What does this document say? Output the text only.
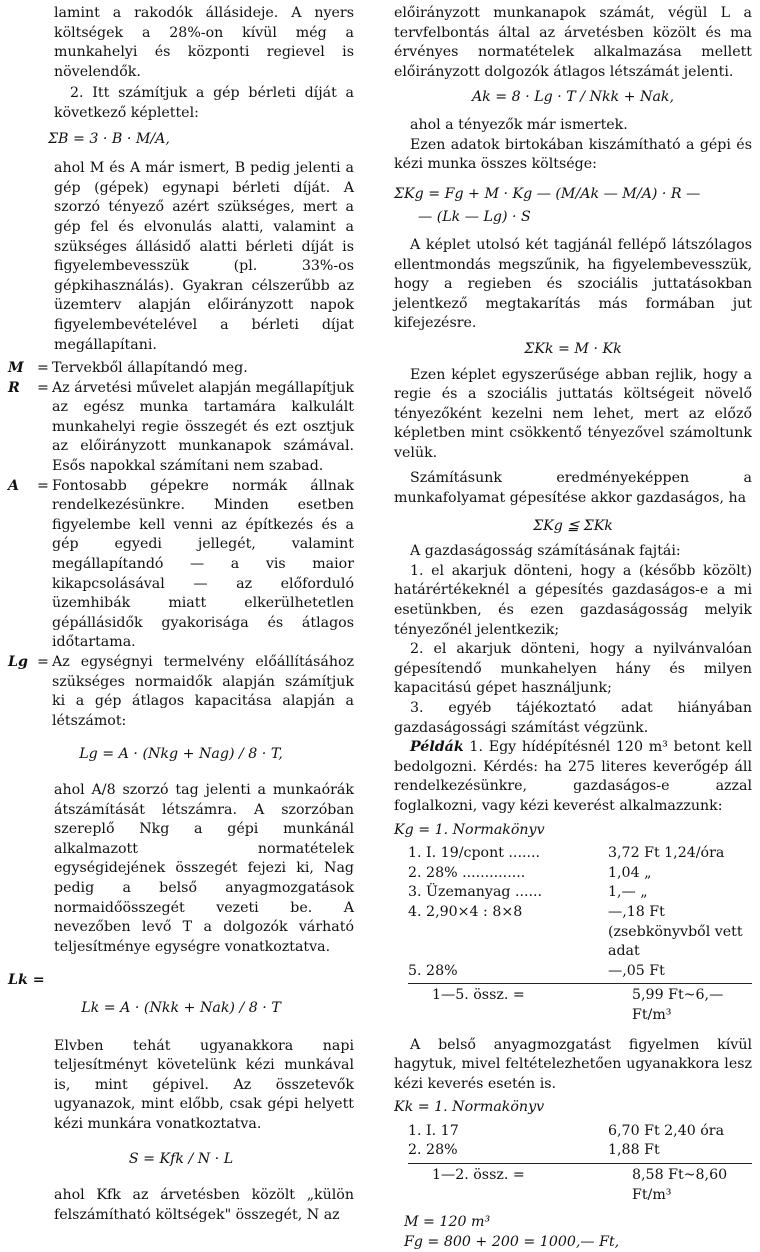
lamint a rakodók állásideje. A nyers költségek a 28%-on kívül még a munkahelyi és központi regievel is növelendők.

2. Itt számítjuk a gép bérleti díját a következő képlettel:

ΣB = 3 · B · M/A,

ahol M és A már ismert, B pedig jelenti a gép (gépek) egynapi bérleti díját. A szorzó tényező azért szükséges, mert a gép fel és elvonulás alatti, valamint a szükséges állásidő alatti bérleti díját is figyelembevesszük (pl. 33%-os gépkihasználás). Gyakran célszerűbb az üzemterv alapján előirányzott napok figyelembevételével a bérleti díjat megállapítani.

M = Tervekből állapítandó meg.
R	= Az árvetési művelet alapján megállapítjuk az egész munka tartamára kalkulált munkahelyi regie összegét és ezt osztjuk az előirányzott munkanapok számával. Esős napokkal számítani nem szabad.
A	= Fontosabb gépekre normák állnak rendelkezésünkre. Minden esetben figyelembe kell venni az építkezés és a gép egyedi jellegét, valamint megállapítandó — a vis maior kikapcsolásával — az előforduló üzemhibák miatt elkerülhetetlen gépállásidők gyakorisága és átlagos időtartama.
Lg = Az egységnyi termelvény előállításához szükséges normaidők alapján számítjuk ki a gép átlagos kapacitása alapján a létszámot:

Lg = A · (Nkg + Nag) / 8 · T,

ahol A/8 szorzó tag jelenti a munkaórák átszámítását létszámra. A szorzóban szereplő Nkg a gépi munkánál alkalmazott normatételek egységidejének összegét fejezi ki, Nag pedig a belső anyagmozgatások normaidőösszegét vezeti be. A nevezőben levő T a dolgozók várható teljesítménye egységre vonatkoztatva.

Lk =

Lk = A · (Nkk + Nak) / 8 · T

Elvben tehát ugyanakkora napi teljesítményt követelünk kézi munkával is, mint gépivel. Az összetevők ugyanazok, mint előbb, csak gépi helyett kézi munkára vonatkoztatva.

S = Kfk / N · L

ahol Kfk az árvetésben közölt „külön felszámítható költségek" összegét, N az

előirányzott munkanapok számát, végül L a tervfelbontás által az árvetésben közölt és ma érvényes normatételek alkalmazása mellett előirányzott dolgozók átlagos létszámát jelenti.

Ak = 8 · Lg · T / Nkk + Nak,

ahol a tényezők már ismertek.

Ezen adatok birtokában kiszámítható a gépi és kézi munka összes költsége:

ΣKg = Fg + M · Kg — (M/Ak — M/A) · R —

— (Lk — Lg) · S

A képlet utolsó két tagjánál fellépő látszólagos ellentmondás megszűnik, ha figyelembevesszük, hogy a regieben és szociális juttatásokban jelentkező megtakarítás más formában jut kifejezésre.

ΣKk = M · Kk

Ezen képlet egyszerűsége abban rejlik, hogy a regie és a szociális juttatás költségeit növelő tényezőként kezelni nem lehet, mert az előző képletben mint csökkentő tényezővel számoltunk velük.

Számításunk eredményeképpen a munkafolyamat gépesítése akkor gazdaságos, ha

ΣKg ≦ ΣKk

A gazdaságosság számításának fajtái:

1. el akarjuk dönteni, hogy a (később közölt) határértékeknél a gépesítés gazdaságos-e a mi esetünkben, és ezen gazdaságosság melyik tényezőnél jelentkezik;

2. el akarjuk dönteni, hogy a nyilvánvalóan gépesítendő munkahelyen hány és milyen kapacitású gépet használjunk;

3. egyéb tájékoztató adat hiányában gazdaságossági számítást végzünk.

Példák 1. Egy hídépítésnél 120 m³ betont kell bedolgozni. Kérdés: ha 275 literes keverőgép áll rendelkezésünkre, gazdaságos-e azzal foglalkozni, vagy kézi keverést alkalmazzunk:

Kg = 1. Normakönyv

1. I. 19/cpont .......	3,72 Ft 1,24/óra
2. 28% ..............	1,04 „
3. Üzemanyag ......	1,— „
4. 2,90×4 : 8×8	—,18 Ft (zsebkönyvből vett adat
5. 28%	—,05 Ft
1—5. össz. =	5,99 Ft~6,—Ft/m³

A belső anyagmozgatást figyelmen kívül hagytuk, mivel feltételezhetően ugyanakkora lesz kézi keverés esetén is.

Kk = 1. Normakönyv

1. I. 17	6,70 Ft 2,40 óra
2. 28%	1,88 Ft
1—2. össz. =	8,58 Ft~8,60 Ft/m³

M = 120 m³

Fg = 800 + 200 = 1000,— Ft,
